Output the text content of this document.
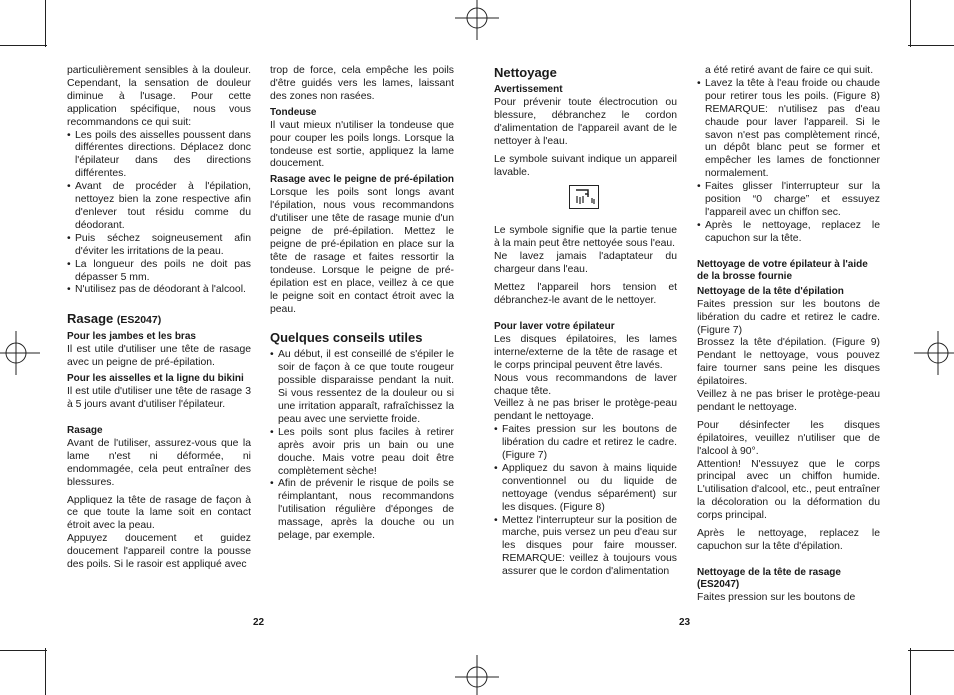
particulièrement sensibles à la douleur. Cependant, la sensation de douleur diminue à l'usage. Pour cette application spécifique, nous vous recommandons ce qui suit:

• Les poils des aisselles poussent dans différentes directions. Déplacez donc l'épilateur dans des directions différentes.
• Avant de procéder à l'épilation, nettoyez bien la zone respective afin d'enlever tout résidu comme du déodorant.
• Puis séchez soigneusement afin d'éviter les irritations de la peau.
• La longueur des poils ne doit pas dépasser 5 mm.
• N'utilisez pas de déodorant à l'alcool.
Rasage (ES2047)
Pour les jambes et les bras

Il est utile d'utiliser une tête de rasage avec un peigne de pré-épilation.

Pour les aisselles et la ligne du bikini

Il est utile d'utiliser une tête de rasage 3 à 5 jours avant d'utiliser l'épilateur.

Rasage

Avant de l'utiliser, assurez-vous que la lame n'est ni déformée, ni endommagée, cela peut entraîner des blessures.

Appliquez la tête de rasage de façon à ce que toute la lame soit en contact étroit avec la peau.

Appuyez doucement et guidez doucement l'appareil contre la pousse des poils. Si le rasoir est appliqué avec

trop de force, cela empêche les poils d'être guidés vers les lames, laissant des zones non rasées.

Tondeuse

Il vaut mieux n'utiliser la tondeuse que pour couper les poils longs. Lorsque la tondeuse est sortie, appliquez la lame doucement.

Rasage avec le peigne de pré-épilation

Lorsque les poils sont longs avant l'épilation, nous vous recommandons d'utiliser une tête de rasage munie d'un peigne de pré-épilation. Mettez le peigne de pré-épilation en place sur la tête de rasage et faites ressortir la tondeuse. Lorsque le peigne de pré-épilation est en place, veillez à ce que le peigne soit en contact étroit avec la peau.

Quelques conseils utiles
• Au début, il est conseillé de s'épiler le soir de façon à ce que toute rougeur possible disparaisse pendant la nuit. Si vous ressentez de la douleur ou si une irritation apparaît, rafraîchissez la peau avec une serviette froide.
• Les poils sont plus faciles à retirer après avoir pris un bain ou une douche. Mais votre peau doit être complètement sèche!
• Afin de prévenir le risque de poils se réimplantant, nous recommandons l'utilisation régulière d'éponges de massage, après la douche ou un pelage, par exemple.
Nettoyage
Avertissement

Pour prévenir toute électrocution ou blessure, débranchez le cordon d'alimentation de l'appareil avant de le nettoyer à l'eau.

Le symbole suivant indique un appareil lavable.

Le symbole signifie que la partie tenue à la main peut être nettoyée sous l'eau.

Ne lavez jamais l'adaptateur du chargeur dans l'eau.

Mettez l'appareil hors tension et débranchez-le avant de le nettoyer.

Pour laver votre épilateur

Les disques épilatoires, les lames interne/externe de la tête de rasage et le corps principal peuvent être lavés.

Nous vous recommandons de laver chaque tête.

Veillez à ne pas briser le protège-peau pendant le nettoyage.

• Faites pression sur les boutons de libération du cadre et retirez le cadre. (Figure 7)
• Appliquez du savon à mains liquide conventionnel ou du liquide de nettoyage (vendus séparément) sur les disques. (Figure 8)
• Mettez l'interrupteur sur la position de marche, puis versez un peu d'eau sur les disques pour faire mousser. REMARQUE: veillez à toujours vous assurer que le cordon d'alimentation

a été retiré avant de faire ce qui suit.

• Lavez la tête à l'eau froide ou chaude pour retirer tous les poils. (Figure 8) REMARQUE: n'utilisez pas d'eau chaude pour laver l'appareil. Si le savon n'est pas complètement rincé, un dépôt blanc peut se former et empêcher les lames de fonctionner normalement.
• Faites glisser l'interrupteur sur la position “0 charge” et essuyez l'appareil avec un chiffon sec.
• Après le nettoyage, replacez le capuchon sur la tête.
Nettoyage de votre épilateur à l'aide de la brosse fournie
Nettoyage de la tête d'épilation

Faites pression sur les boutons de libération du cadre et retirez le cadre. (Figure 7)

Brossez la tête d'épilation. (Figure 9) Pendant le nettoyage, vous pouvez faire tourner sans peine les disques épilatoires.

Veillez à ne pas briser le protège-peau pendant le nettoyage.

Pour désinfecter les disques épilatoires, veuillez n'utiliser que de l'alcool à 90°.

Attention! N'essuyez que le corps principal avec un chiffon humide. L'utilisation d'alcool, etc., peut entraîner la décoloration ou la déformation du corps principal.

Après le nettoyage, replacez le capuchon sur la tête d'épilation.

Nettoyage de la tête de rasage (ES2047)

Faites pression sur les boutons de

22	23
